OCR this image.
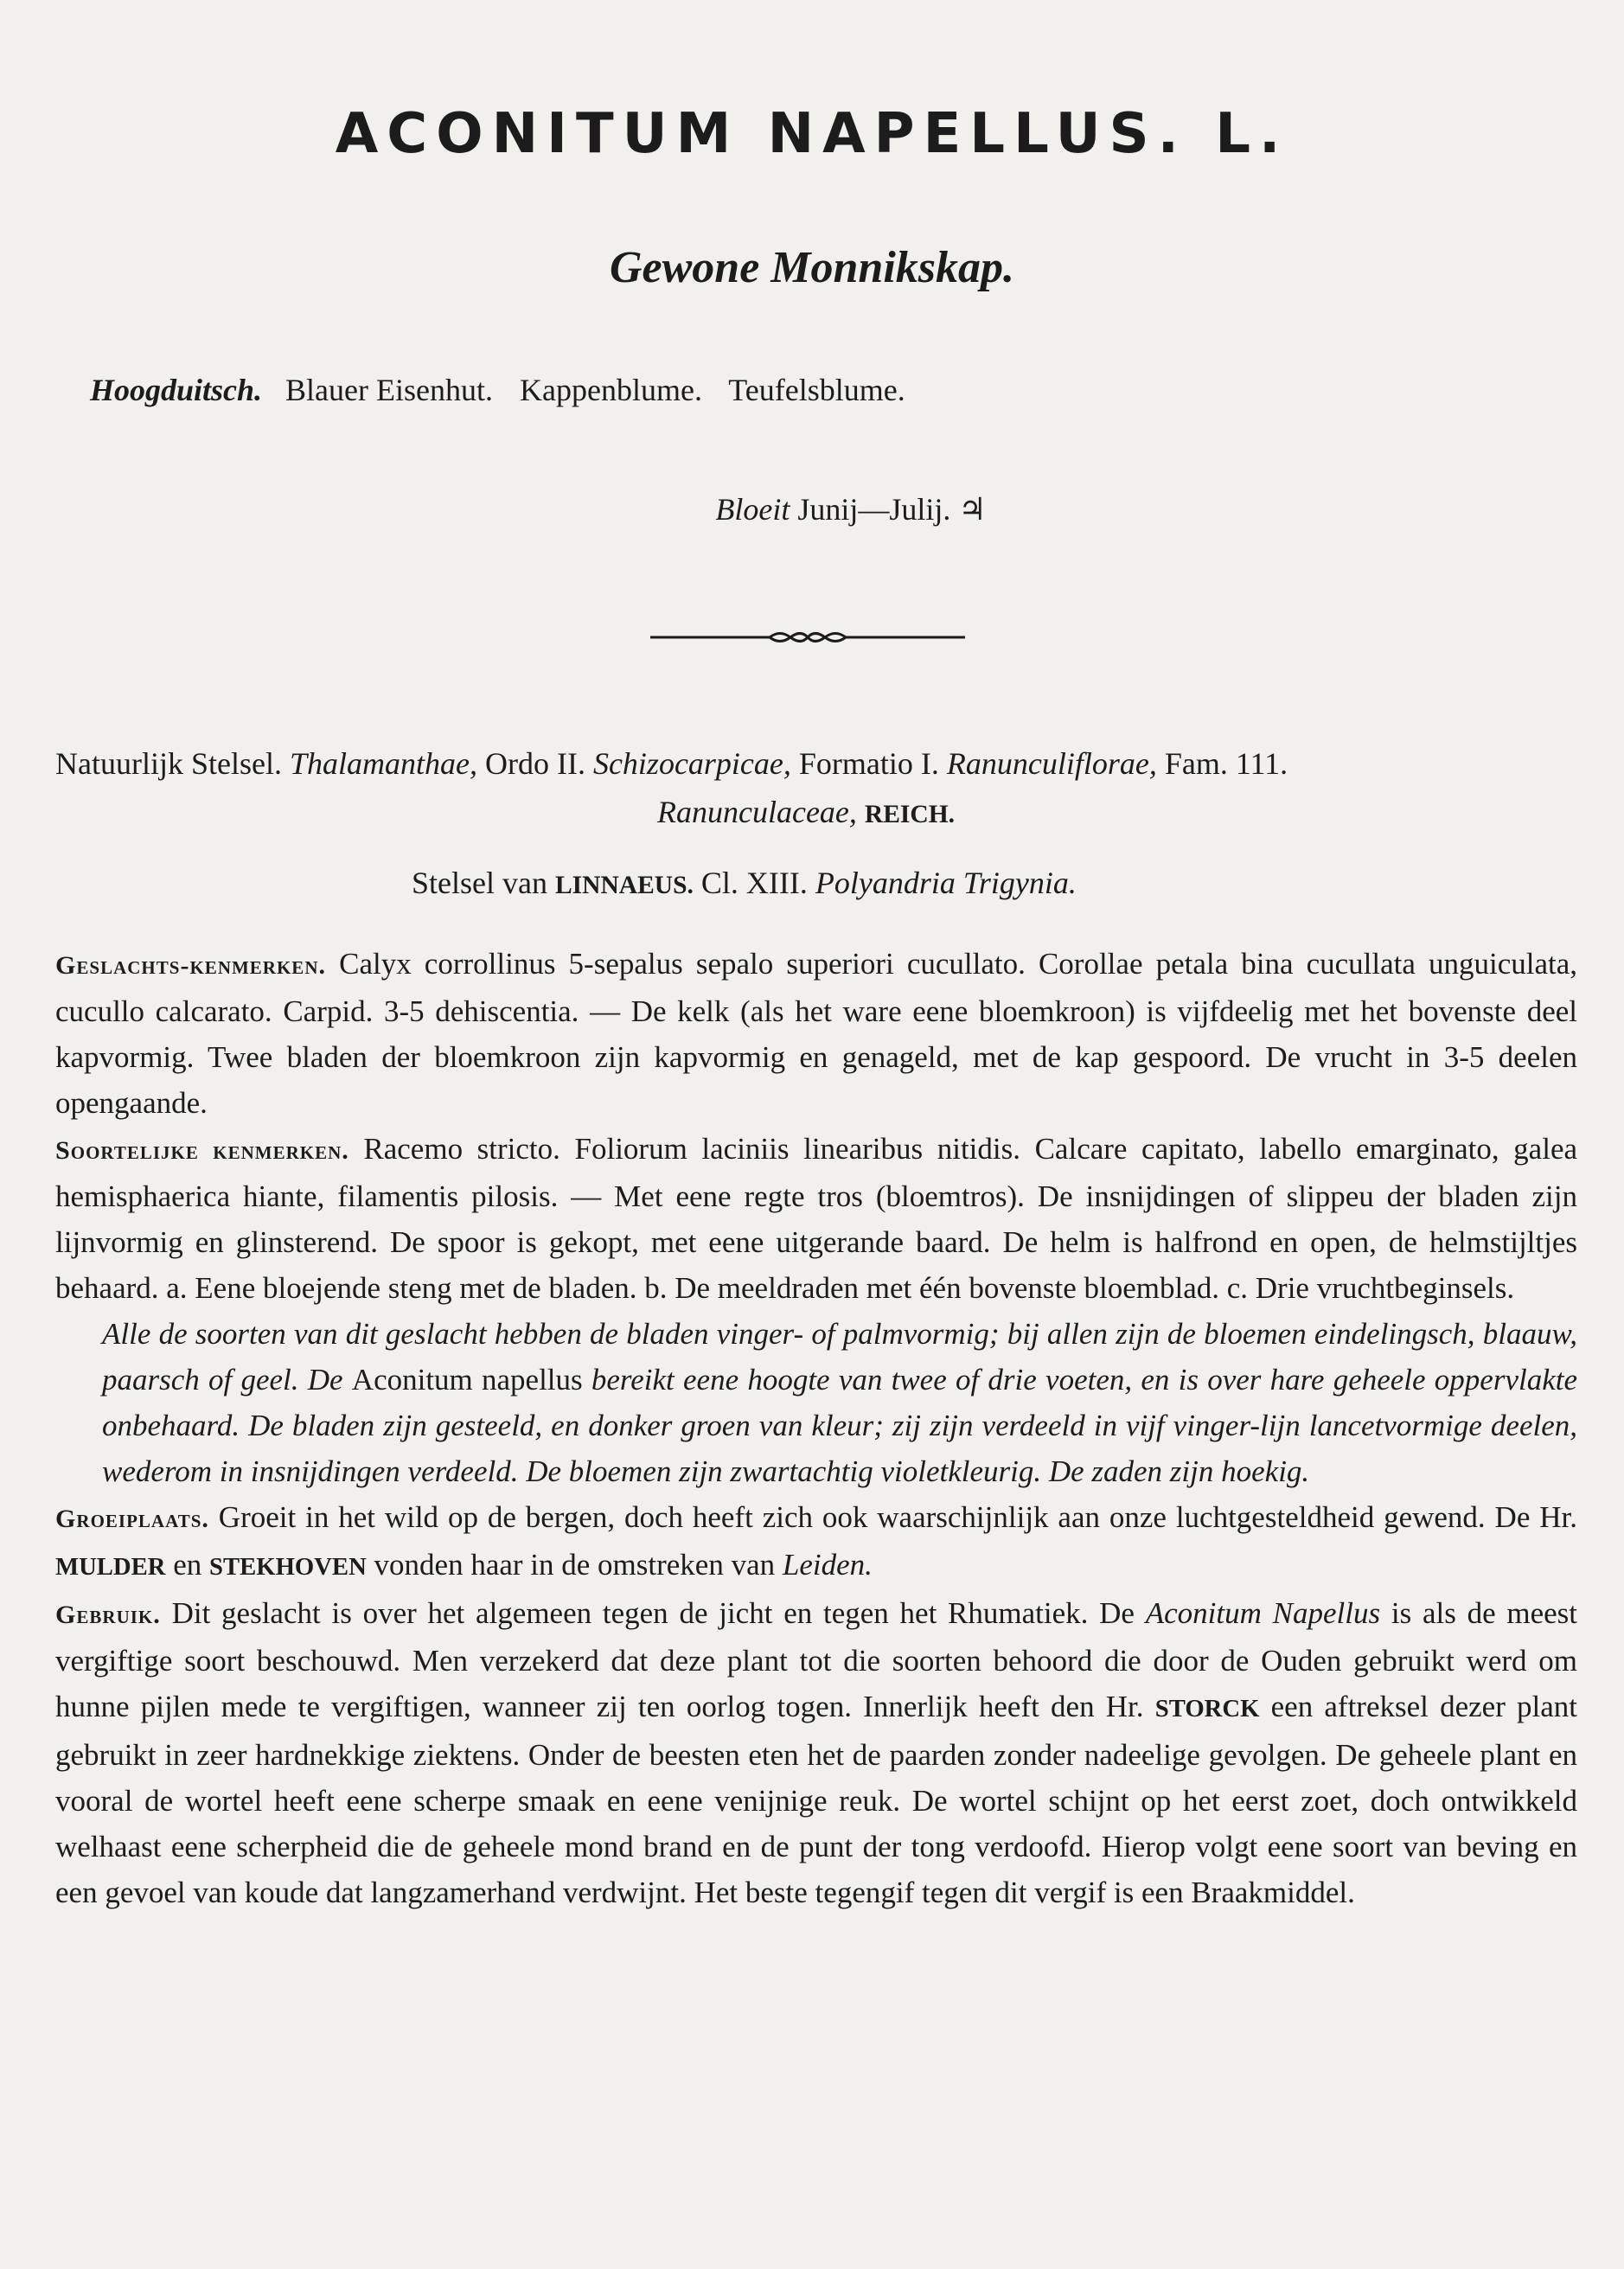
ACONITUM NAPELLUS. L.
Gewone Monnikskap.
Hoogduitsch. Blauer Eisenhut. Kappenblume. Teufelsblume.
Bloeit Junij—Julij. ♃
Natuurlijk Stelsel. Thalamanthae, Ordo II. Schizocarpicae, Formatio I. Ranunculiflorae, Fam. 111.
Ranunculaceae, REICH.
Stelsel van LINNAEUS. Cl. XIII. Polyandria Trigynia.

Geslachts-kenmerken. Calyx corrollinus 5-sepalus sepalo superiori cucullato. Corollae petala bina cucullata unguiculata, cucullo calcarato. Carpid. 3-5 dehiscentia. — De kelk (als het ware eene bloemkroon) is vijfdeelig met het bovenste deel kapvormig. Twee bladen der bloemkroon zijn kapvormig en genageld, met de kap gespoord. De vrucht in 3-5 deelen opengaande.

Soortelijke kenmerken. Racemo stricto. Foliorum laciniis linearibus nitidis. Calcare capitato, labello emarginato, galea hemisphaerica hiante, filamentis pilosis. — Met eene regte tros (bloemtros). De insnijdingen of slippeu der bladen zijn lijnvormig en glinsterend. De spoor is gekopt, met eene uitgerande baard. De helm is halfrond en open, de helmstijltjes behaard. a. Eene bloejende steng met de bladen. b. De meeldraden met één bovenste bloemblad. c. Drie vruchtbeginsels.

Alle de soorten van dit geslacht hebben de bladen vinger- of palmvormig; bij allen zijn de bloemen eindelingsch, blaauw, paarsch of geel. De Aconitum napellus bereikt eene hoogte van twee of drie voeten, en is over hare geheele oppervlakte onbehaard. De bladen zijn gesteeld, en donker groen van kleur; zij zijn verdeeld in vijf vinger-lijn lancetvormige deelen, wederom in insnijdingen verdeeld. De bloemen zijn zwartachtig violetkleurig. De zaden zijn hoekig.

Groeiplaats. Groeit in het wild op de bergen, doch heeft zich ook waarschijnlijk aan onze luchtgesteldheid gewend. De Hr. MULDER en STEKHOVEN vonden haar in de omstreken van Leiden.

Gebruik. Dit geslacht is over het algemeen tegen de jicht en tegen het Rhumatiek. De Aconitum Napellus is als de meest vergiftige soort beschouwd. Men verzekerd dat deze plant tot die soorten behoord die door de Ouden gebruikt werd om hunne pijlen mede te vergiftigen, wanneer zij ten oorlog togen. Innerlijk heeft den Hr. STORCK een aftreksel dezer plant gebruikt in zeer hardnekkige ziektens. Onder de beesten eten het de paarden zonder nadeelige gevolgen. De geheele plant en vooral de wortel heeft eene scherpe smaak en eene venijnige reuk. De wortel schijnt op het eerst zoet, doch ontwikkeld welhaast eene scherpheid die de geheele mond brand en de punt der tong verdoofd. Hierop volgt eene soort van beving en een gevoel van koude dat langzamerhand verdwijnt. Het beste tegengif tegen dit vergif is een Braakmiddel.
